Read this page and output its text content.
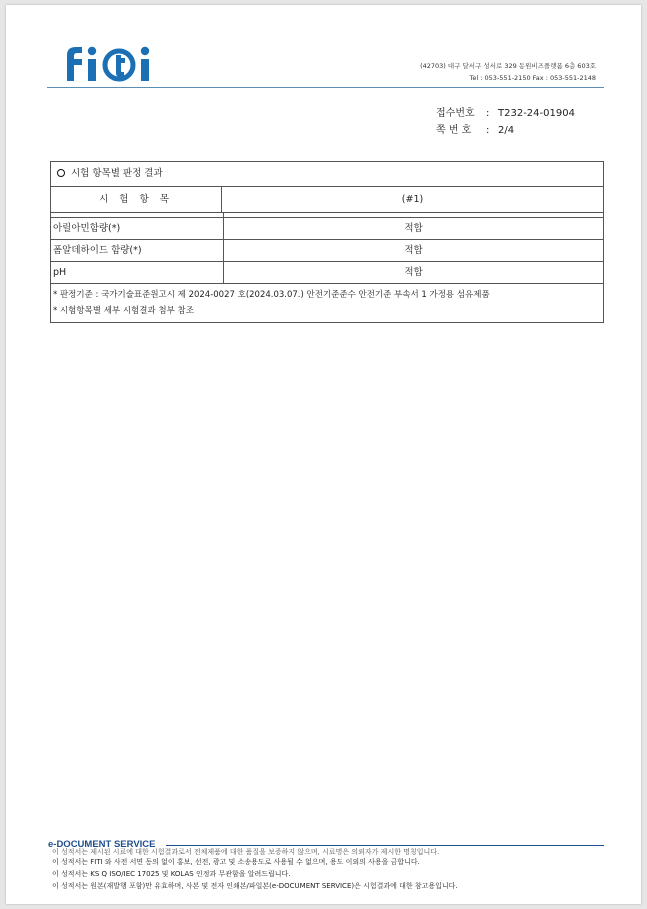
(42703) 대구 달서구 성서로 329 동원비즈플랫폼 6층 603호
Tel : 053-551-2150 Fax : 053-551-2148
접수번호 : T232-24-01904
쪽 번 호 : 2/4
시험 항목별 판정 결과
시 험 항 목	(#1)
아릴아민함량(*)	적합
폼알데하이드 함량(*)	적합
pH	적합
* 판정기준 : 국가기술표준원고시 제 2024-0027 호(2024.03.07.) 안전기준준수 안전기준 부속서 1 가정용 섬유제품
* 시험항목별 세부 시험결과 첨부 참조
e-DOCUMENT SERVICE
이 성적서는 제시된 시료에 대한 시험결과로서 전체제품에 대한 품질을 보증하지 않으며, 시료명은 의뢰자가 제시한 명칭입니다.
이 성적서는 FITI 와 사전 서면 동의 없이 홍보, 선전, 광고 및 소송용도로 사용될 수 없으며, 용도 이외의 사용을 금합니다.
이 성적서는 KS Q ISO/IEC 17025 및 KOLAS 인정과 무관함을 알려드립니다.
이 성적서는 원본(재발행 포함)만 유효하며, 사본 및 전자 인쇄본/파일본(e-DOCUMENT SERVICE)은 시험결과에 대한 참고용입니다.
